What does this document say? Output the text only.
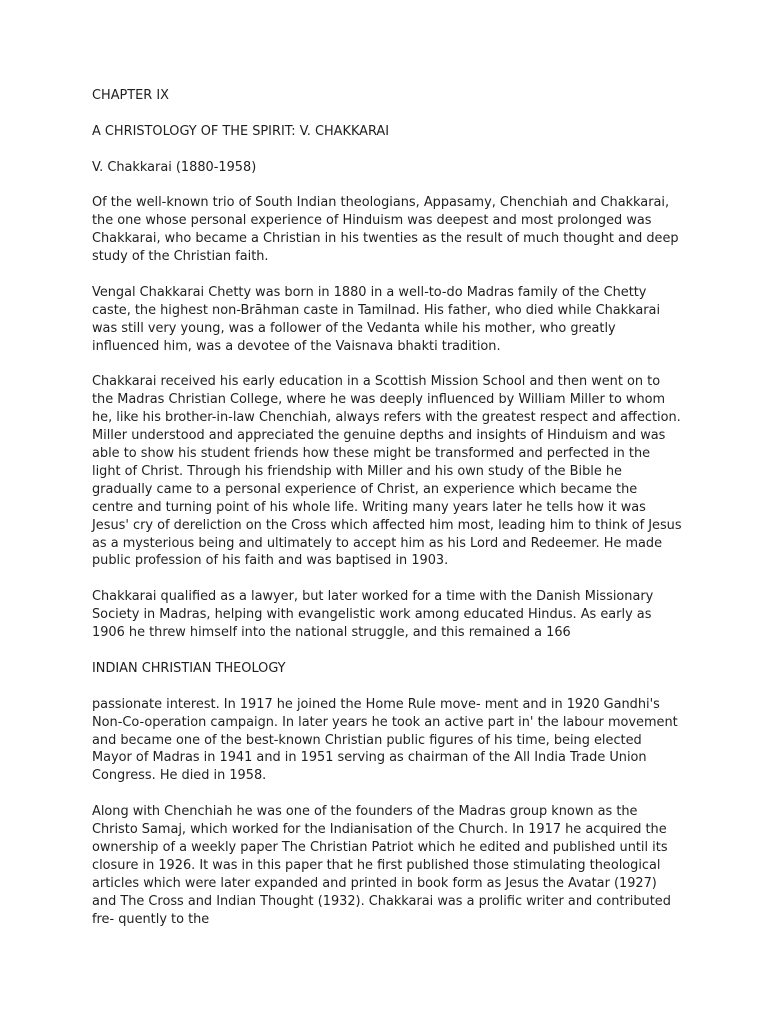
CHAPTER IX

A CHRISTOLOGY OF THE SPIRIT: V. CHAKKARAI

V. Chakkarai (1880-1958)

Of the well-known trio of South Indian theologians, Appasamy, Chenchiah and Chakkarai, the one whose personal experience of Hinduism was deepest and most prolonged was Chakkarai, who became a Christian in his twenties as the result of much thought and deep study of the Christian faith.

Vengal Chakkarai Chetty was born in 1880 in a well-to-do Madras family of the Chetty caste, the highest non-Brāhman caste in Tamilnad. His father, who died while Chakkarai was still very young, was a follower of the Vedanta while his mother, who greatly influenced him, was a devotee of the Vaisnava bhakti tradition.

Chakkarai received his early education in a Scottish Mission School and then went on to the Madras Christian College, where he was deeply influenced by William Miller to whom he, like his brother-in-law Chenchiah, always refers with the greatest respect and affection. Miller understood and appreciated the genuine depths and insights of Hinduism and was able to show his student friends how these might be transformed and perfected in the light of Christ. Through his friendship with Miller and his own study of the Bible he gradually came to a personal experience of Christ, an experience which became the centre and turning point of his whole life. Writing many years later he tells how it was Jesus' cry of dereliction on the Cross which affected him most, leading him to think of Jesus as a mysterious being and ultimately to accept him as his Lord and Redeemer. He made public profession of his faith and was baptised in 1903.

Chakkarai qualified as a lawyer, but later worked for a time with the Danish Missionary Society in Madras, helping with evangelistic work among educated Hindus. As early as 1906 he threw himself into the national struggle, and this remained a 166

INDIAN CHRISTIAN THEOLOGY

passionate interest. In 1917 he joined the Home Rule move- ment and in 1920 Gandhi's Non-Co-operation campaign. In later years he took an active part in' the labour movement and became one of the best-known Christian public figures of his time, being elected Mayor of Madras in 1941 and in 1951 serving as chairman of the All India Trade Union Congress. He died in 1958.

Along with Chenchiah he was one of the founders of the Madras group known as the Christo Samaj, which worked for the Indianisation of the Church. In 1917 he acquired the ownership of a weekly paper The Christian Patriot which he edited and published until its closure in 1926. It was in this paper that he first published those stimulating theological articles which were later expanded and printed in book form as Jesus the Avatar (1927) and The Cross and Indian Thought (1932). Chakkarai was a prolific writer and contributed fre- quently to the
